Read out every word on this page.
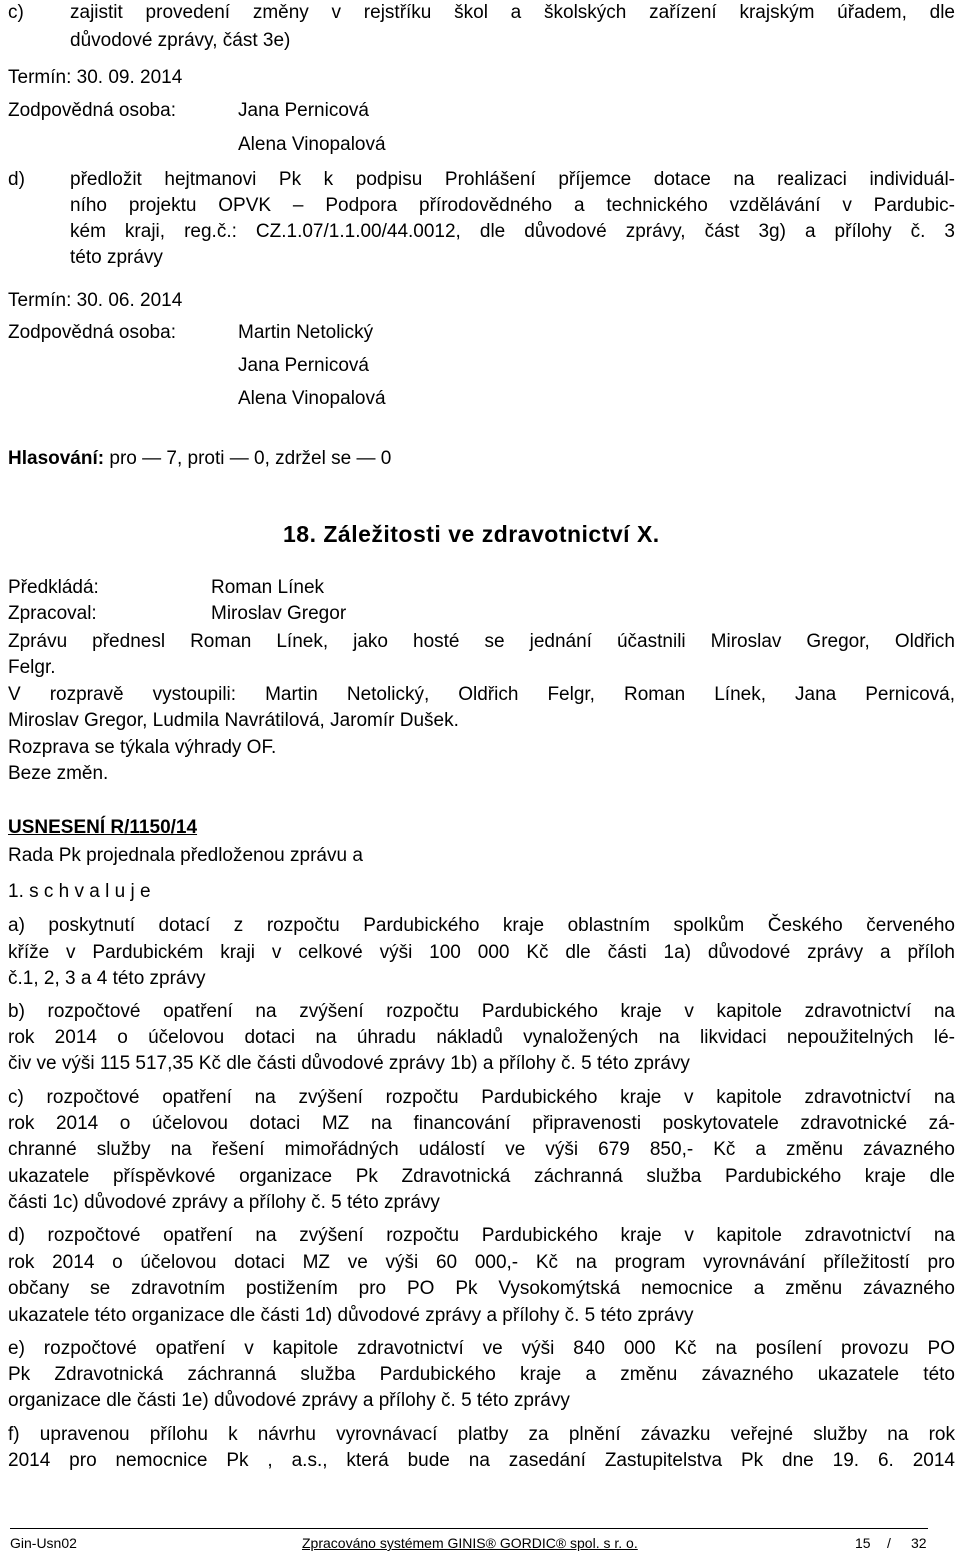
c) zajistit provedení změny v rejstříku škol a školských zařízení krajským úřadem, dle
důvodové zprávy, část 3e)
Termín: 30. 09. 2014
Zodpovědná osoba:	Jana Pernicová
Alena Vinopalová
d) předložit hejtmanovi Pk k podpisu Prohlášení příjemce dotace na realizaci individuál-
ního projektu OPVK – Podpora přírodovědného a technického vzdělávání v Pardubic-
kém kraji, reg.č.: CZ.1.07/1.1.00/44.0012, dle důvodové zprávy, část 3g) a přílohy č. 3
této zprávy
Termín: 30. 06. 2014
Zodpovědná osoba:	Martin Netolický
Jana Pernicová
Alena Vinopalová
Hlasování: pro — 7, proti — 0, zdržel se — 0
18. Záležitosti ve zdravotnictví X.
Předkládá:	Roman Línek
Zpracoval:	Miroslav Gregor
Zprávu přednesl Roman Línek, jako hosté se jednání účastnili Miroslav Gregor, Oldřich
Felgr.
V rozpravě vystoupili: Martin Netolický, Oldřich Felgr, Roman Línek, Jana Pernicová,
Miroslav Gregor, Ludmila Navrátilová, Jaromír Dušek.
Rozprava se týkala výhrady OF.
Beze změn.
USNESENÍ R/1150/14
Rada Pk projednala předloženou zprávu a
1. s c h v a l u j e
a) poskytnutí dotací z rozpočtu Pardubického kraje oblastním spolkům Českého červeného
kříže v Pardubickém kraji v celkové výši 100 000 Kč dle části 1a) důvodové zprávy a příloh
č.1, 2, 3 a 4 této zprávy
b) rozpočtové opatření na zvýšení rozpočtu Pardubického kraje v kapitole zdravotnictví na
rok 2014 o účelovou dotaci na úhradu nákladů vynaložených na likvidaci nepoužitelných lé-
čiv ve výši 115 517,35 Kč dle části důvodové zprávy 1b) a přílohy č. 5 této zprávy
c) rozpočtové opatření na zvýšení rozpočtu Pardubického kraje v kapitole zdravotnictví na
rok 2014 o účelovou dotaci MZ na financování připravenosti poskytovatele zdravotnické zá-
chranné služby na řešení mimořádných událostí ve výši 679 850,- Kč a změnu závazného
ukazatele příspěvkové organizace Pk Zdravotnická záchranná služba Pardubického kraje dle
části 1c) důvodové zprávy a přílohy č. 5 této zprávy
d) rozpočtové opatření na zvýšení rozpočtu Pardubického kraje v kapitole zdravotnictví na
rok 2014 o účelovou dotaci MZ ve výši 60 000,- Kč na program vyrovnávání příležitostí pro
občany se zdravotním postižením pro PO Pk Vysokomýtská nemocnice a změnu závazného
ukazatele této organizace dle části 1d) důvodové zprávy a přílohy č. 5 této zprávy
e) rozpočtové opatření v kapitole zdravotnictví ve výši 840 000 Kč na posílení provozu PO
Pk Zdravotnická záchranná služba Pardubického kraje a změnu závazného ukazatele této
organizace dle části 1e) důvodové zprávy a přílohy č. 5 této zprávy
f) upravenou přílohu k návrhu vyrovnávací platby za plnění závazku veřejné služby na rok
2014 pro nemocnice Pk , a.s., která bude na zasedání Zastupitelstva Pk dne 19. 6. 2014
Gin-Usn02	Zpracováno systémem GINIS® GORDIC® spol. s r. o.	15 / 32
